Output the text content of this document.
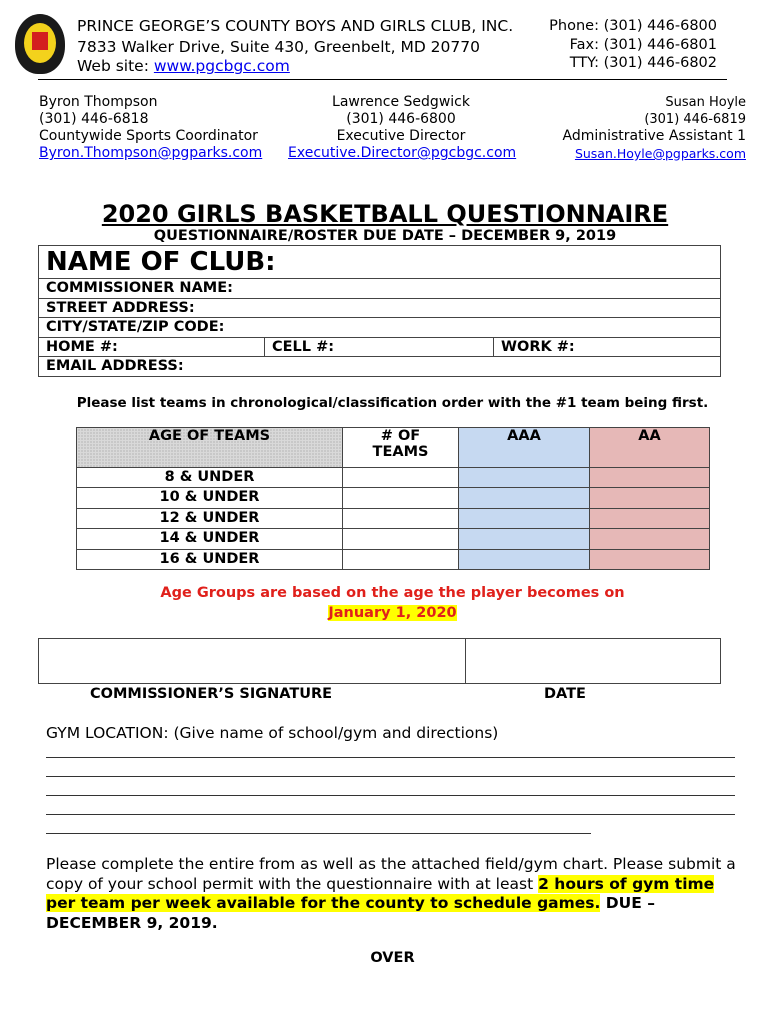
PRINCE GEORGE’S COUNTY BOYS AND GIRLS CLUB, INC.
7833 Walker Drive, Suite 430, Greenbelt, MD 20770
Web site: www.pgcbgc.com
Phone: (301) 446-6800
Fax: (301) 446-6801
TTY: (301) 446-6802
Byron Thompson
(301) 446-6818
Countywide Sports Coordinator
Byron.Thompson@pgparks.com
Lawrence Sedgwick
(301) 446-6800
Executive Director
Executive.Director@pgcbgc.com
Susan Hoyle
(301) 446-6819
Administrative Assistant 1
Susan.Hoyle@pgparks.com
2020 GIRLS BASKETBALL QUESTIONNAIRE
QUESTIONNAIRE/ROSTER DUE DATE – DECEMBER 9, 2019
NAME OF CLUB:
COMMISSIONER NAME:
STREET ADDRESS:
CITY/STATE/ZIP CODE:
HOME #:	CELL #:	WORK #:
EMAIL ADDRESS:
Please list teams in chronological/classification order with the #1 team being first.
AGE OF TEAMS	# OF TEAMS	AAA	AA
8 & UNDER			
10 & UNDER			
12 & UNDER			
14 & UNDER			
16 & UNDER			
Age Groups are based on the age the player becomes on
January 1, 2020
COMMISSIONER’S SIGNATURE	DATE
GYM LOCATION: (Give name of school/gym and directions)
Please complete the entire from as well as the attached field/gym chart. Please submit a copy of your school permit with the questionnaire with at least 2 hours of gym time per team per week available for the county to schedule games. DUE – DECEMBER 9, 2019.
OVER
